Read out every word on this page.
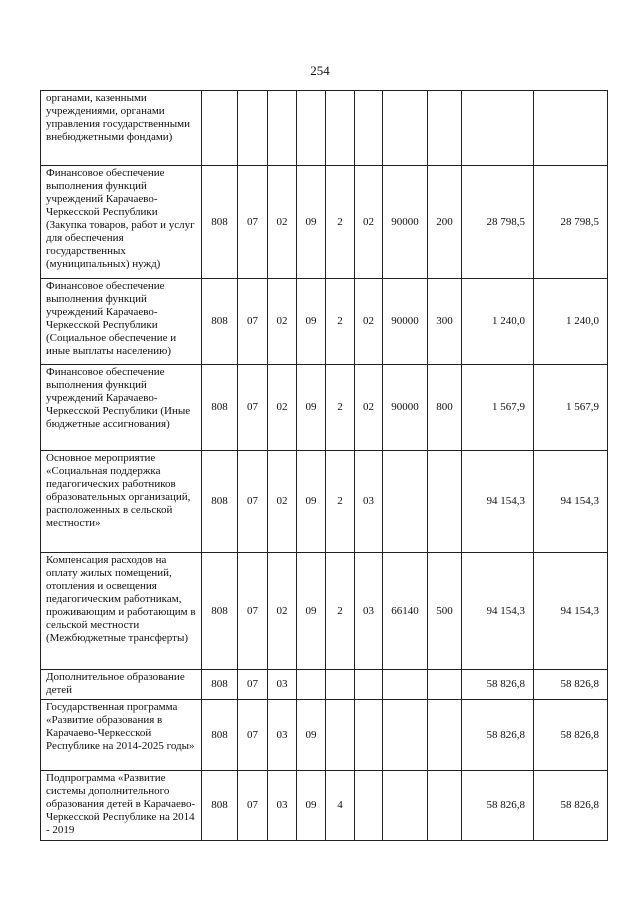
254
органами, казенными учреждениями, органами управления государственными внебюджетными фондами)										

Финансовое обеспечение выполнения функций учреждений Карачаево-Черкесской Республики (Закупка товаров, работ и услуг для обеспечения государственных (муниципальных) нужд)	808	07	02	09	2	02	90000	200	28 798,5	28 798,5

Финансовое обеспечение выполнения функций учреждений Карачаево-Черкесской Республики (Социальное обеспечение и иные выплаты населению)	808	07	02	09	2	02	90000	300	1 240,0	1 240,0

Финансовое обеспечение выполнения функций учреждений Карачаево-Черкесской Республики (Иные бюджетные ассигнования)	808	07	02	09	2	02	90000	800	1 567,9	1 567,9

Основное мероприятие «Социальная поддержка педагогических работников образовательных организаций, расположенных в сельской местности»	808	07	02	09	2	03			94 154,3	94 154,3

Компенсация расходов на оплату жилых помещений, отопления и освещения педагогическим работникам, проживающим и работающим в сельской местности (Межбюджетные трансферты)	808	07	02	09	2	03	66140	500	94 154,3	94 154,3

Дополнительное образование детей	808	07	03						58 826,8	58 826,8

Государственная программа «Развитие образования в Карачаево-Черкесской Республике на 2014-2025 годы»	808	07	03	09					58 826,8	58 826,8

Подпрограмма «Развитие системы дополнительного образования детей в Карачаево-Черкесской Республике на 2014 - 2019	808	07	03	09	4				58 826,8	58 826,8
